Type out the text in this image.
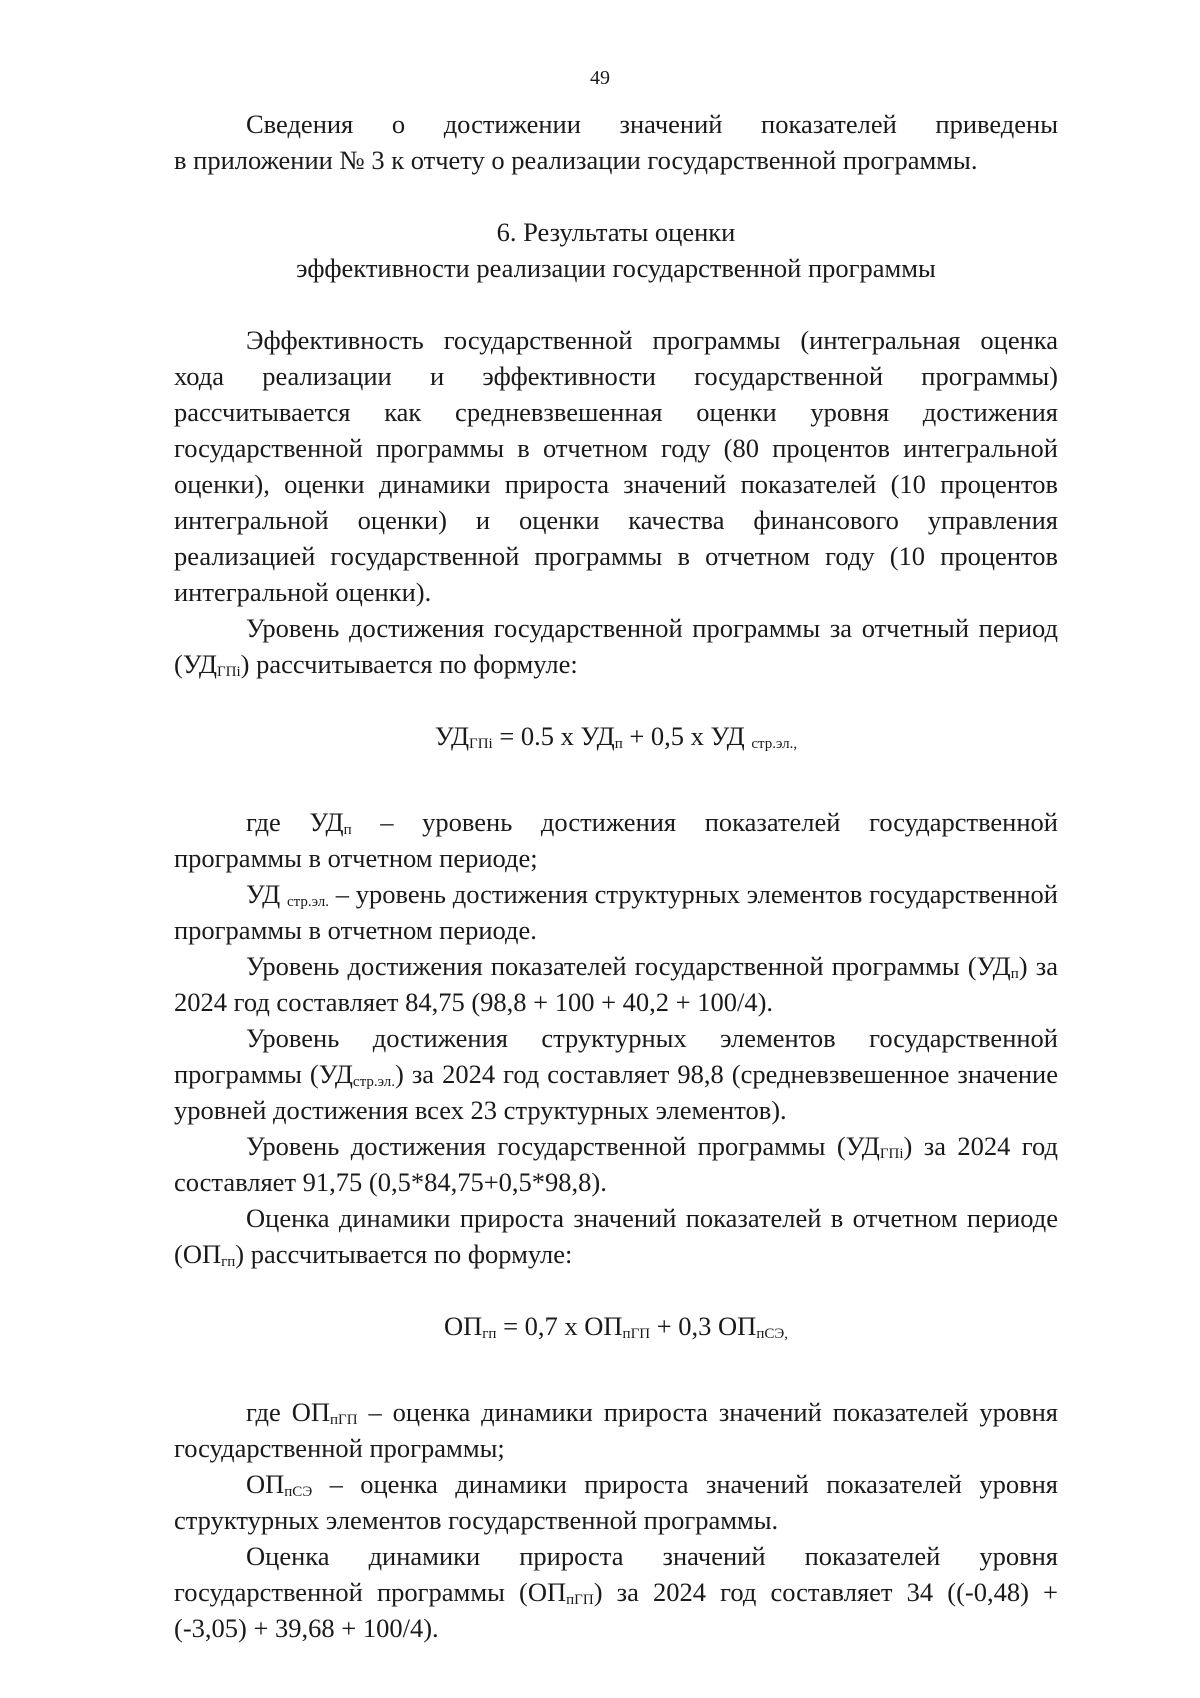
49

Сведения о достижении значений показателей приведены

в приложении № 3 к отчету о реализации государственной программы.

6. Результаты оценки
эффективности реализации государственной программы

Эффективность государственной программы (интегральная оценка хода реализации и эффективности государственной программы) рассчитывается как средневзвешенная оценки уровня достижения государственной программы в отчетном году (80 процентов интегральной оценки), оценки динамики прироста значений показателей (10 процентов интегральной оценки) и оценки качества финансового управления реализацией государственной программы в отчетном году (10 процентов интегральной оценки).

Уровень достижения государственной программы за отчетный период $(УД_{ГПi})$ рассчитывается по формуле:

$УД_{ГПi} = 0.5$ х $УД_п + 0,5$ х УД $_{стр.эл.,}$

где $УД_п$ – уровень достижения показателей государственной программы в отчетном периоде;

УД $_{стр.эл.}$ – уровень достижения структурных элементов государственной программы в отчетном периоде.

Уровень достижения показателей государственной программы $(УД_п)$ за 2024 год составляет 84,75 (98,8 + 100 + 40,2 + 100/4).

Уровень достижения структурных элементов государственной программы $(УД_{стр.эл.})$ за 2024 год составляет 98,8 (средневзвешенное значение уровней достижения всех 23 структурных элементов).

Уровень достижения государственной программы $(УД_{ГПi})$ за 2024 год составляет 91,75 (0,5*84,75+0,5*98,8).

Оценка динамики прироста значений показателей в отчетном периоде $(ОП_{гп})$ рассчитывается по формуле:

$ОП_{гп} = 0,7$ х $ОП_{пГП} + 0,3$ $ОП_{пСЭ,}$

где $ОП_{пГП}$ – оценка динамики прироста значений показателей уровня государственной программы;

$ОП_{пСЭ}$ – оценка динамики прироста значений показателей уровня структурных элементов государственной программы.

Оценка динамики прироста значений показателей уровня государственной программы $(ОП_{пГП})$ за 2024 год составляет 34 ((-0,48) + (-3,05) + 39,68 + 100/4).
